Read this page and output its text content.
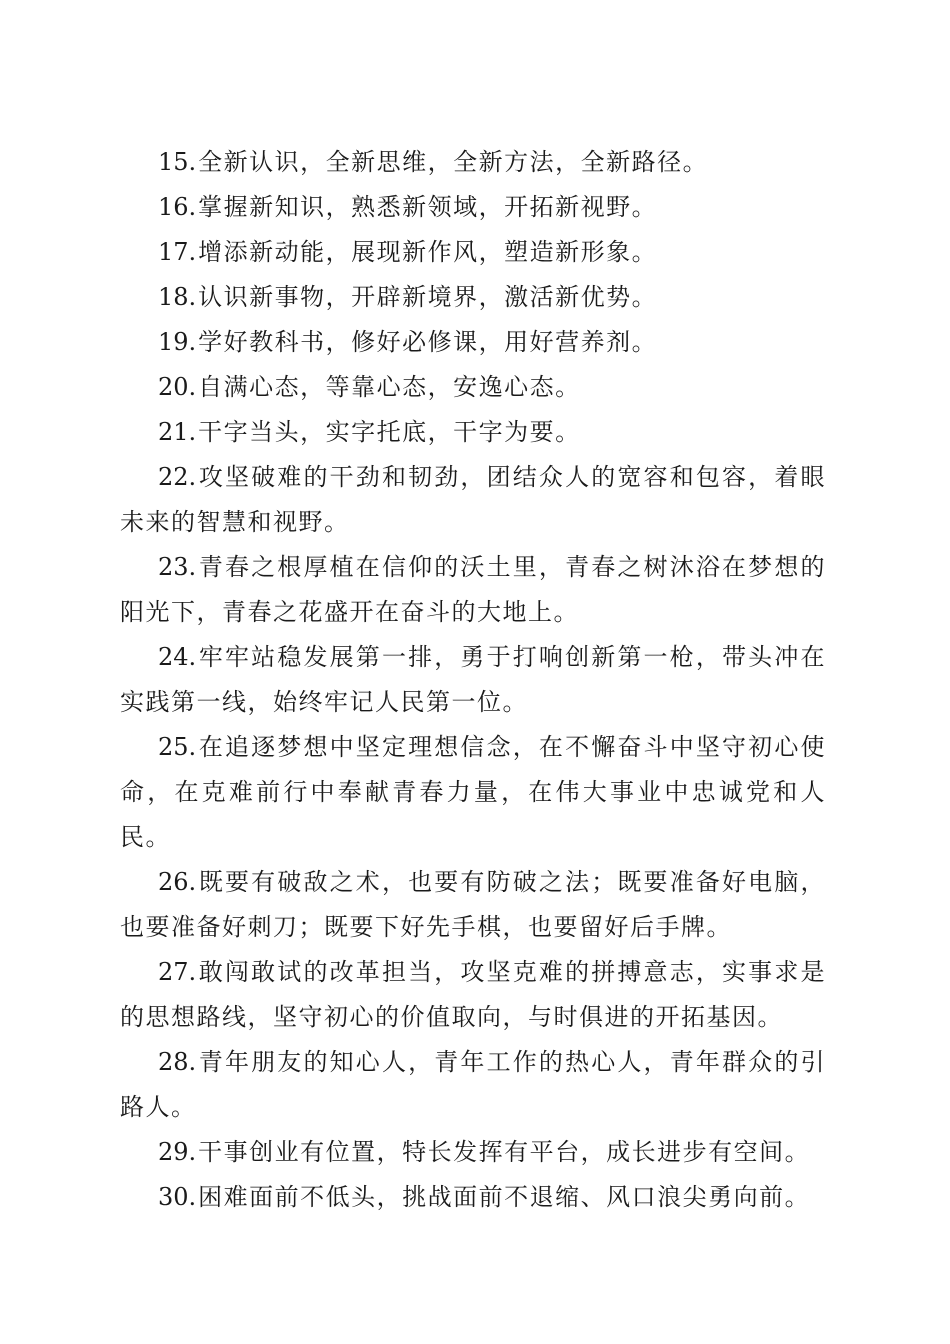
15.全新认识，全新思维，全新方法，全新路径。

16.掌握新知识，熟悉新领域，开拓新视野。

17.增添新动能，展现新作风，塑造新形象。

18.认识新事物，开辟新境界，激活新优势。

19.学好教科书，修好必修课，用好营养剂。

20.自满心态，等靠心态，安逸心态。

21.干字当头，实字托底，干字为要。

22.攻坚破难的干劲和韧劲，团结众人的宽容和包容，着眼未来的智慧和视野。

23.青春之根厚植在信仰的沃土里，青春之树沐浴在梦想的阳光下，青春之花盛开在奋斗的大地上。

24.牢牢站稳发展第一排，勇于打响创新第一枪，带头冲在实践第一线，始终牢记人民第一位。

25.在追逐梦想中坚定理想信念，在不懈奋斗中坚守初心使命，在克难前行中奉献青春力量，在伟大事业中忠诚党和人民。

26.既要有破敌之术，也要有防破之法；既要准备好电脑，也要准备好刺刀；既要下好先手棋，也要留好后手牌。

27.敢闯敢试的改革担当，攻坚克难的拼搏意志，实事求是的思想路线，坚守初心的价值取向，与时俱进的开拓基因。

28.青年朋友的知心人，青年工作的热心人，青年群众的引路人。

29.干事创业有位置，特长发挥有平台，成长进步有空间。

30.困难面前不低头，挑战面前不退缩、风口浪尖勇向前。
